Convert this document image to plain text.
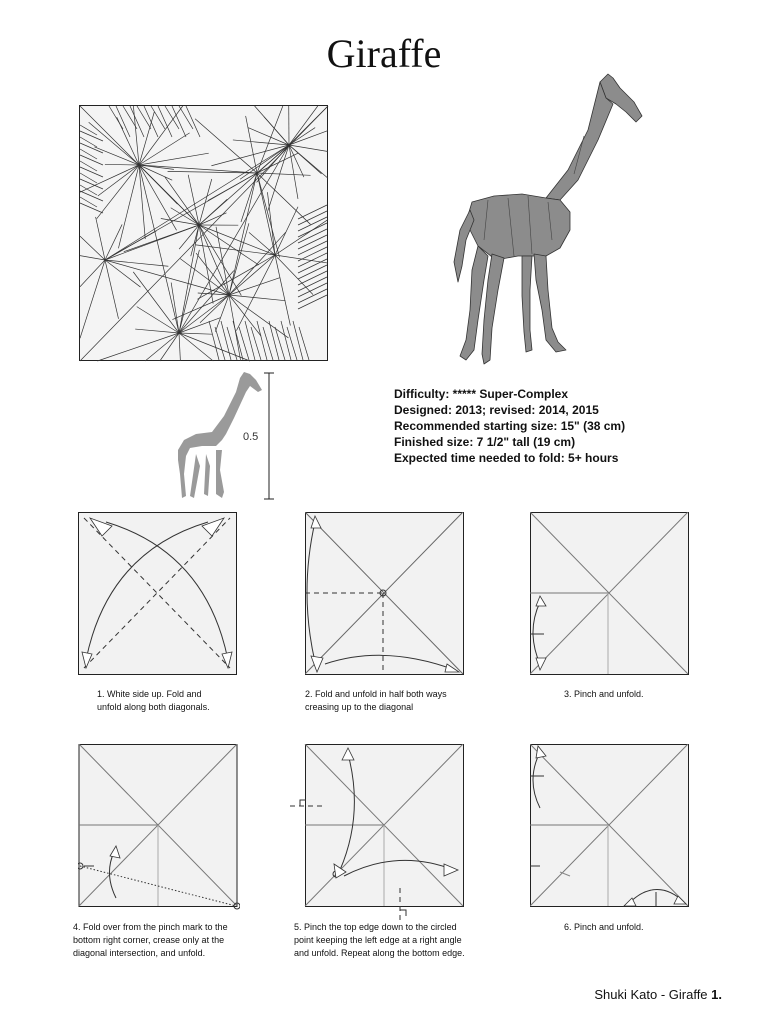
Giraffe
0.5
Difficulty: ***** Super-Complex
Designed: 2013; revised: 2014, 2015
Recommended starting size: 15" (38 cm)
Finished size: 7 1/2" tall (19 cm)
Expected time needed to fold: 5+ hours
1. White side up. Fold and
unfold along both diagonals.
2. Fold and unfold in half both ways
creasing up to the diagonal
3. Pinch and unfold.
4. Fold over from the pinch mark to the
bottom right corner, crease only at the
diagonal intersection, and unfold.
5. Pinch the top edge down to the circled
point keeping the left edge at a right angle
and unfold. Repeat along the bottom edge.
6. Pinch and unfold.
Shuki Kato - Giraffe 1.
